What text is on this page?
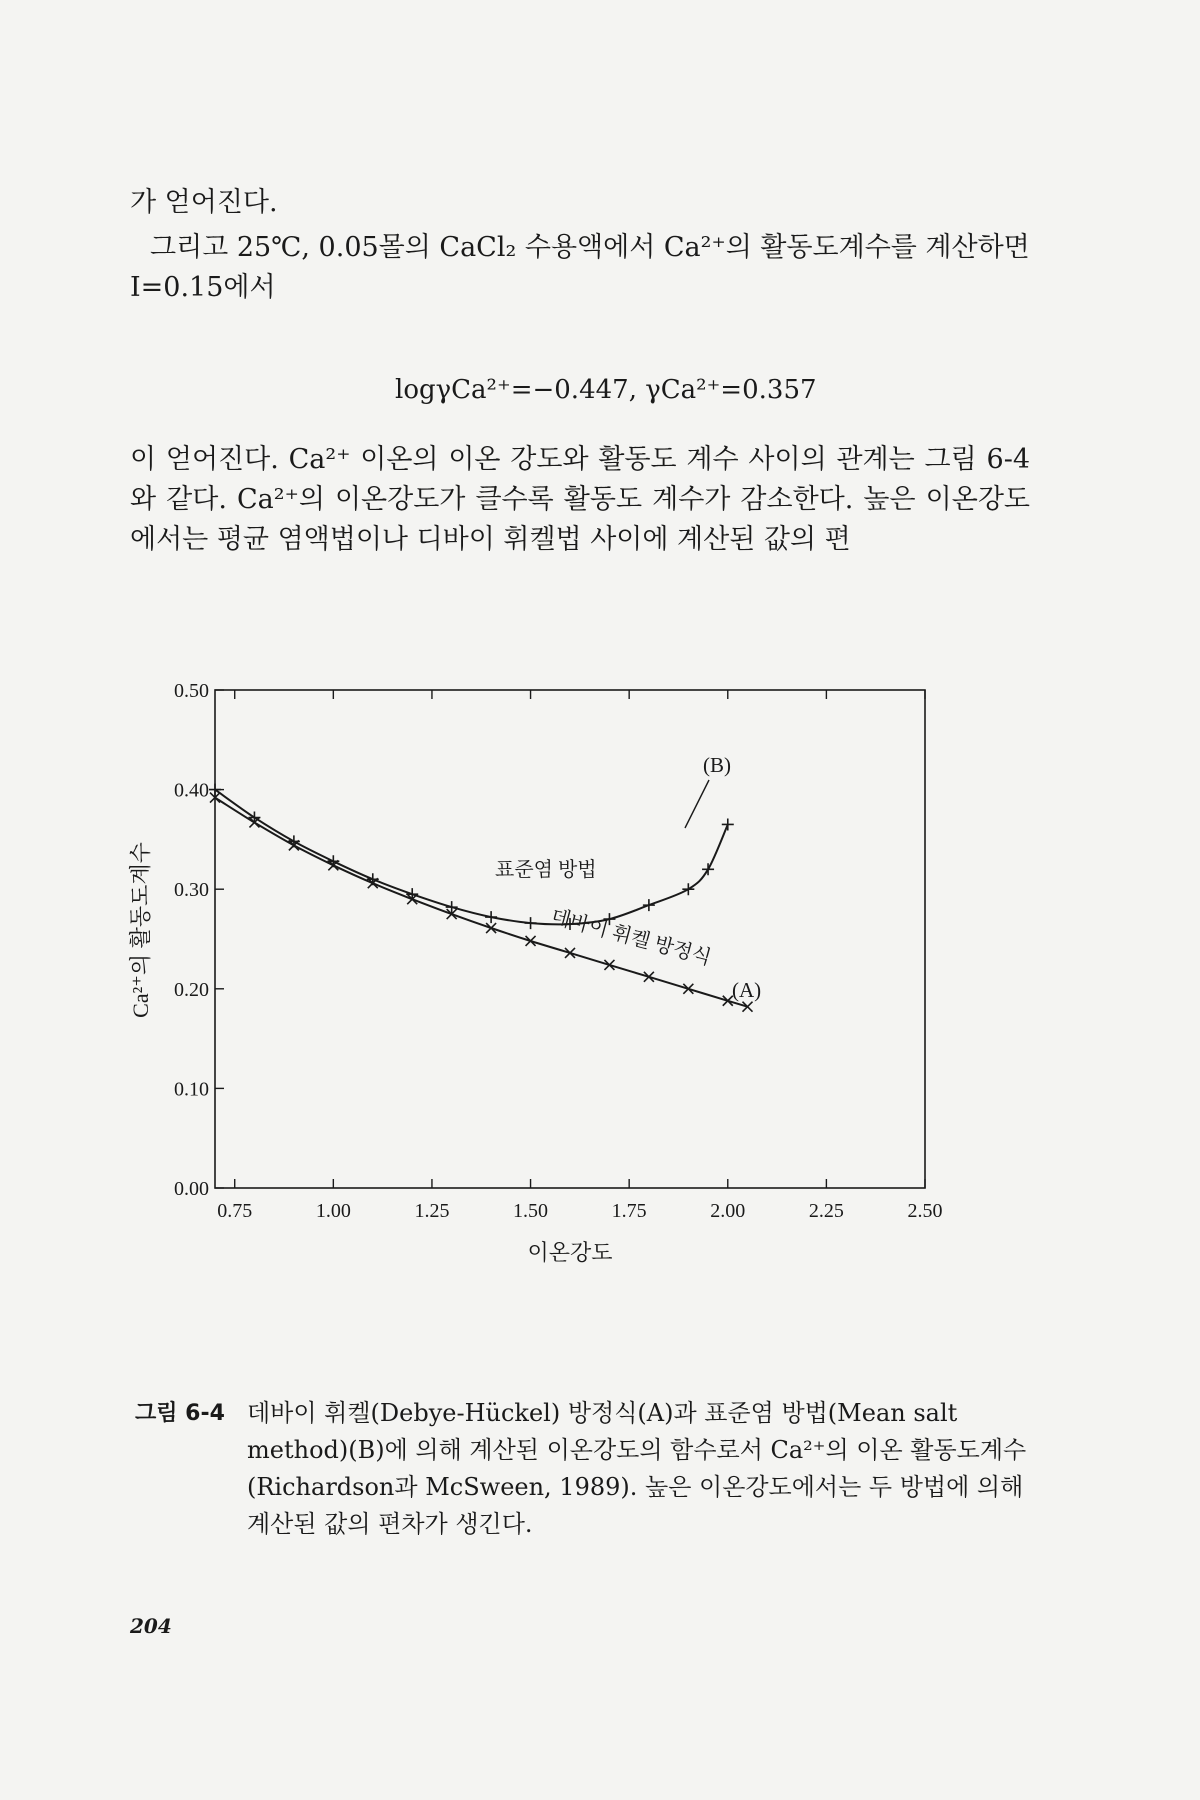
가 얻어진다.

그리고 25℃, 0.05몰의 CaCl₂ 수용액에서 Ca²⁺의 활동도계수를 계산하면 I=0.15에서

logγCa²⁺=−0.447, γCa²⁺=0.357

이 얻어진다. Ca²⁺ 이온의 이온 강도와 활동도 계수 사이의 관계는 그림 6-4와 같다. Ca²⁺의 이온강도가 클수록 활동도 계수가 감소한다. 높은 이온강도에서는 평균 염액법이나 디바이 휘켈법 사이에 계산된 값의 편

0.75	1.00	1.25	1.50	1.75	2.00	2.25	2.50
0.00
0.10
0.20
0.30
0.40
0.50
이온강도
Ca²⁺의 활동도계수
(B)
(A)
표준염 방법
데바이 휘켈 방정식
그림 6-4 데바이 휘켈(Debye-Hückel) 방정식(A)과 표준염 방법(Mean salt method)(B)에 의해 계산된 이온강도의 함수로서 Ca²⁺의 이온 활동도계수 (Richardson과 McSween, 1989). 높은 이온강도에서는 두 방법에 의해 계산된 값의 편차가 생긴다.
204
